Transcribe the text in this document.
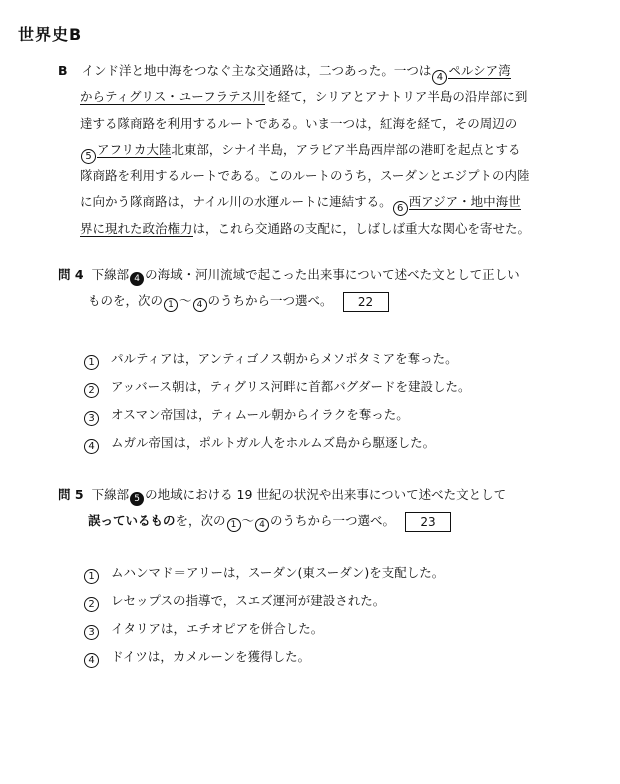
世界史B
B インド洋と地中海をつなぐ主な交通路は，二つあった。一つは 4 ペルシア湾
からティグリス・ユーフラテス川を経て，シリアとアナトリア半島の沿岸部に到
達する隊商路を利用するルートである。いま一つは，紅海を経て，その周辺の
5 アフリカ大陸北東部，シナイ半島，アラビア半島西岸部の港町を起点とする
隊商路を利用するルートである。このルートのうち，スーダンとエジプトの内陸
に向かう隊商路は，ナイル川の水運ルートに連結する。 6 西アジア・地中海世
界に現れた政治権力は，これら交通路の支配に，しばしば重大な関心を寄せた。
問 4 下線部 4 の海域・河川流域で起こった出来事について述べた文として正しい
ものを，次の 1 〜 4 のうちから一つ選べ。 22
1 パルティアは，アンティゴノス朝からメソポタミアを奪った。
2 アッバース朝は，ティグリス河畔に首都バグダードを建設した。
3 オスマン帝国は，ティムール朝からイラクを奪った。
4 ムガル帝国は，ポルトガル人をホルムズ島から駆逐した。
問 5 下線部 5 の地域における 19 世紀の状況や出来事について述べた文として
誤っているものを，次の 1 〜 4 のうちから一つ選べ。 23
1 ムハンマド＝アリーは，スーダン(東スーダン)を支配した。
2 レセップスの指導で，スエズ運河が建設された。
3 イタリアは，エチオピアを併合した。
4 ドイツは，カメルーンを獲得した。
